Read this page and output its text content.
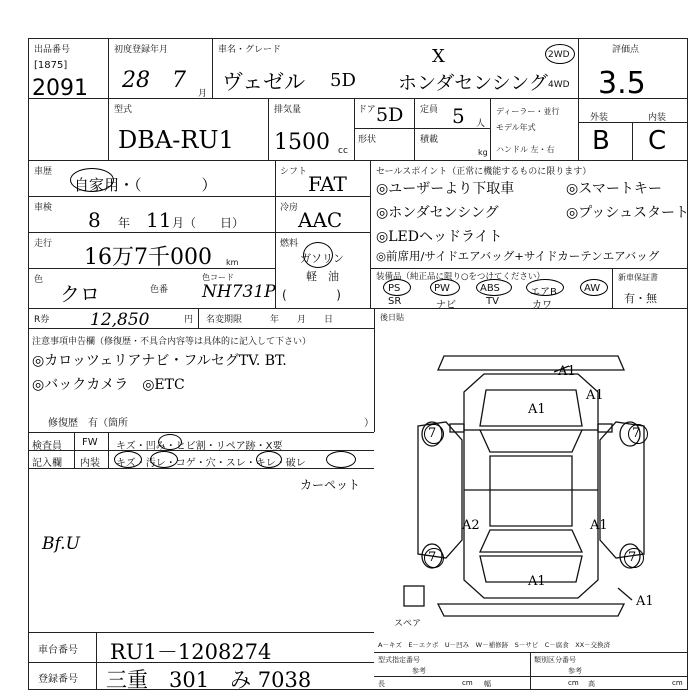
出品番号
[1875]
2091
初度登録年月
28 7
月
車名・グレード
ヴェゼル 5D
X
ホンダセンシング
2WD
4WD
評価点
3.5
型式
DBA-RU1
排気量
1500 cc
ドア 5D 定員 5 人
形状	積載
kg
ディーラー・並行
モデル年式
ハンドル 左・右
外装	内装
B C
車歴
自家用・（　　　　）
車検 8 年 11 月（　　日）
走行
16万7千000 km
色
クロ	色番
色コード
NH731P
シフト FAT
冷房 AAC
燃料
ガソリン
軽　油
(             )
セールスポイント（正常に機能するものに限ります）
◎ユーザーより下取車	◎スマートキー
◎ホンダセンシング	◎プッシュスタート
◎LEDヘッドライト
◎前席用/サイドエアバッグ+サイドカーテンエアバッグ
装備品（純正品に限り○をつけてください）
PS	PW	ABS	エアB	AW
SR	ナビ	TV	カワ
新車保証書
有・無
R券 12,850	円 名変期限	年　　月　　日	後日貼
注意事項申告欄（修復歴・不具合内容等は具体的に記入して下さい）
◎カロッツェリアナビ・フルセグTV. BT.
◎バックカメラ　◎ETC
修復歴　有（箇所	）
検査員
記入欄
FW キズ・凹み・ヒビ割・リペア跡・X要
内装 キズ・汚レ・コゲ・穴・スレ・キレ・破レ
カーペット
Bf.U
A1
A1
A1
7	7
A2	A1
7	7
A1
A1
スペア
A－キズ　E－エクボ　U－凹み　W－補修跡　S－サビ　C－腐食　XX－交換済
型式指定番号	類別区分番号
参考	参考
長	cm 幅	cm 高	cm
車台番号 RU1－1208274
登録番号 三重　301　み 7038
